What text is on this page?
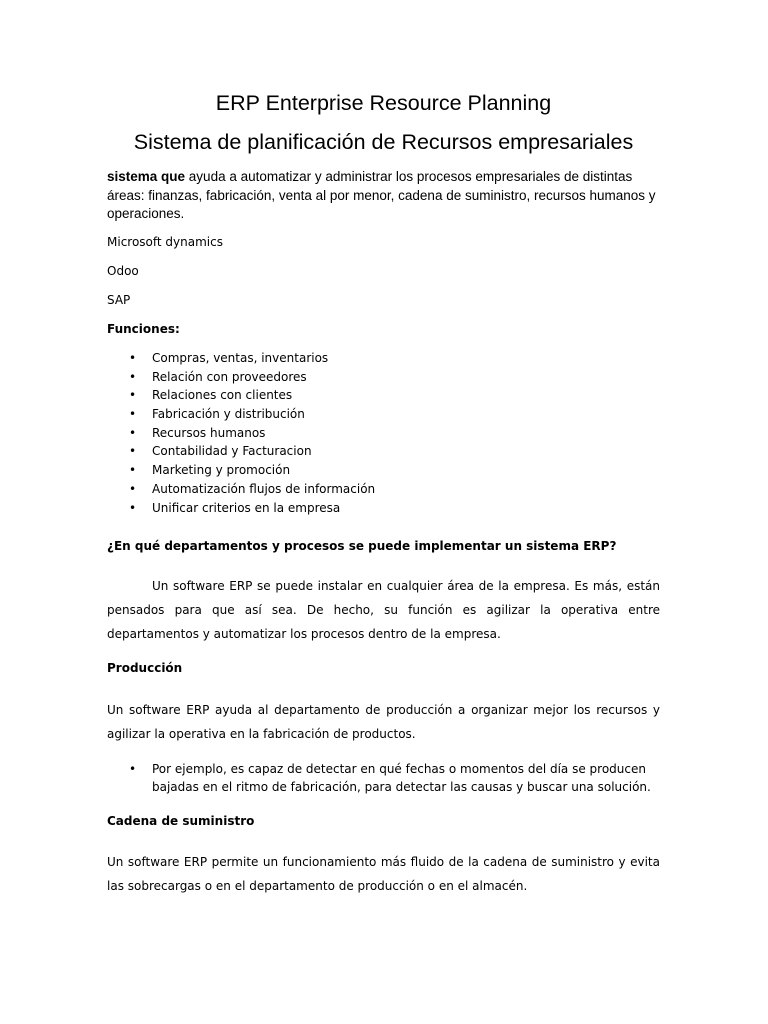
ERP Enterprise Resource Planning
Sistema de planificación de Recursos empresariales

sistema que ayuda a automatizar y administrar los procesos empresariales de distintas áreas: finanzas, fabricación, venta al por menor, cadena de suministro, recursos humanos y operaciones.

Microsoft dynamics

Odoo

SAP

Funciones:

• Compras, ventas, inventarios
• Relación con proveedores
• Relaciones con clientes
• Fabricación y distribución
• Recursos humanos
• Contabilidad y Facturacion
• Marketing y promoción
• Automatización flujos de información
• Unificar criterios en la empresa

¿En qué departamentos y procesos se puede implementar un sistema ERP?

Un software ERP se puede instalar en cualquier área de la empresa. Es más, están pensados para que así sea. De hecho, su función es agilizar la operativa entre departamentos y automatizar los procesos dentro de la empresa.

Producción

Un software ERP ayuda al departamento de producción a organizar mejor los recursos y agilizar la operativa en la fabricación de productos.

• Por ejemplo, es capaz de detectar en qué fechas o momentos del día se producen bajadas en el ritmo de fabricación, para detectar las causas y buscar una solución.

Cadena de suministro

Un software ERP permite un funcionamiento más fluido de la cadena de suministro y evita las sobrecargas o en el departamento de producción o en el almacén.
